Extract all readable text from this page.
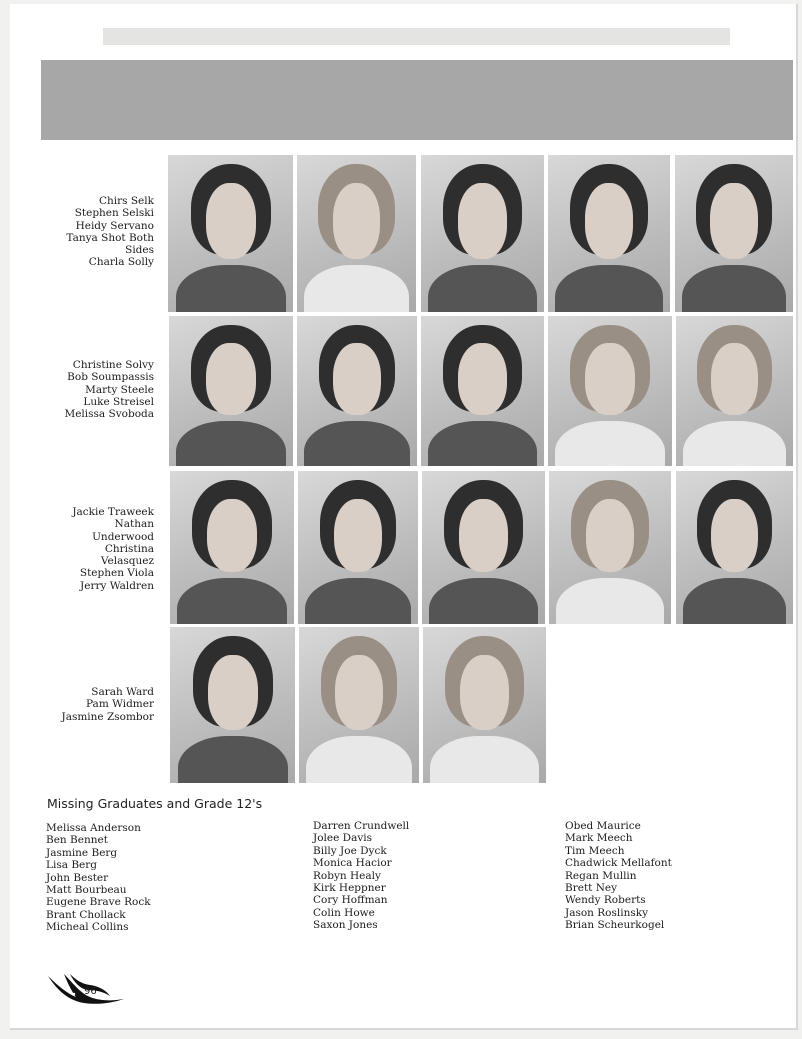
Chirs Selk
Stephen Selski
Heidy Servano
Tanya Shot Both
Sides
Charla Solly
Christine Solvy
Bob Soumpassis
Marty Steele
Luke Streisel
Melissa Svoboda
Jackie Traweek
Nathan
Underwood
Christina
Velasquez
Stephen Viola
Jerry Waldren
Sarah Ward
Pam Widmer
Jasmine Zsombor
Missing Graduates and Grade 12's
Melissa Anderson
Ben Bennet
Jasmine Berg
Lisa Berg
John Bester
Matt Bourbeau
Eugene Brave Rock
Brant Chollack
Micheal Collins
Darren Crundwell
Jolee Davis
Billy Joe Dyck
Monica Hacior
Robyn Healy
Kirk Heppner
Cory Hoffman
Colin Howe
Saxon Jones
Obed Maurice
Mark Meech
Tim Meech
Chadwick Mellafont
Regan Mullin
Brett Ney
Wendy Roberts
Jason Roslinsky
Brian Scheurkogel
96
